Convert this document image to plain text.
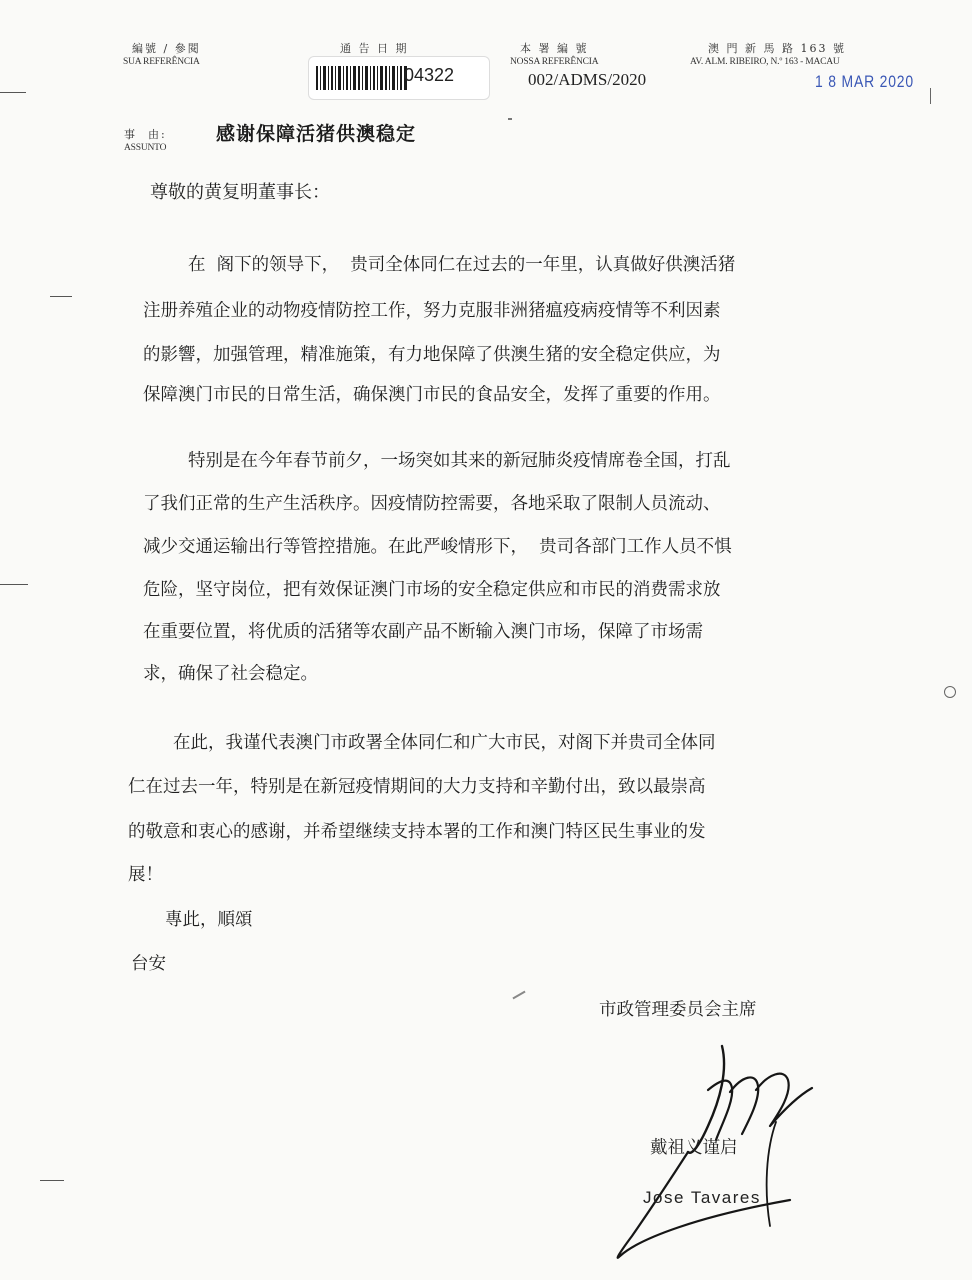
編號 / 參閱
SUA REFERÊNCIA
通 告 日 期
04322
本 署 編 號
NOSSA REFERÊNCIA
002/ADMS/2020
澳 門 新 馬 路 163 號
AV. ALM. RIBEIRO, N.º 163 - MACAU
1 8 MAR 2020
事  由:
ASSUNTO
感谢保障活猪供澳稳定
尊敬的黄复明董事长：
在  阁下的领导下，  贵司全体同仁在过去的一年里，认真做好供澳活猪
注册养殖企业的动物疫情防控工作，努力克服非洲猪瘟疫病疫情等不利因素
的影響，加强管理，精准施策，有力地保障了供澳生猪的安全稳定供应，为
保障澳门市民的日常生活，确保澳门市民的食品安全，发挥了重要的作用。
特别是在今年春节前夕，一场突如其来的新冠肺炎疫情席卷全国，打乱
了我们正常的生产生活秩序。因疫情防控需要，各地采取了限制人员流动、
减少交通运输出行等管控措施。在此严峻情形下，  贵司各部门工作人员不惧
危险，坚守岗位，把有效保证澳门市场的安全稳定供应和市民的消费需求放
在重要位置，将优质的活猪等农副产品不断输入澳门市场，保障了市场需
求，确保了社会稳定。
在此，我谨代表澳门市政署全体同仁和广大市民，对阁下并贵司全体同
仁在过去一年，特别是在新冠疫情期间的大力支持和辛勤付出，致以最崇高
的敬意和衷心的感谢，并希望继续支持本署的工作和澳门特区民生事业的发
展！
專此，順頌
台安
市政管理委员会主席
戴祖义谨启
Jose Tavares
